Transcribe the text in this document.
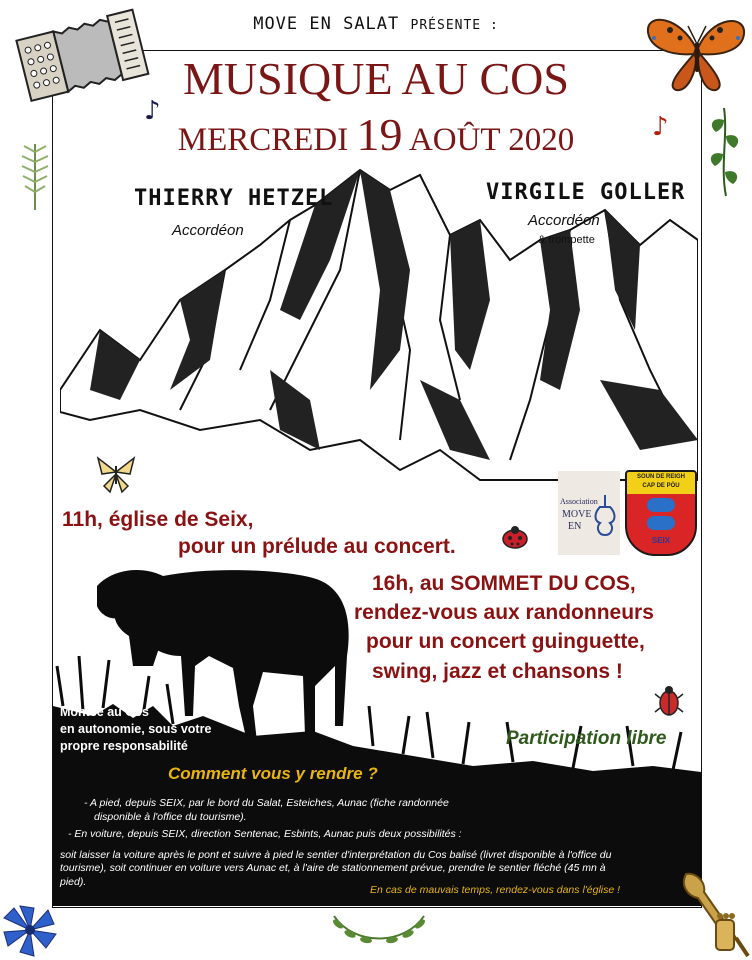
♪
♪
MOVE EN SALAT PRÉSENTE :
MUSIQUE AU COS
MERCREDI 19 AOÛT 2020
THIERRY HETZEL
Accordéon
VIRGILE GOLLER
Accordéon
& trompette
Association
MOVE
EN
SOUN DE REIGH
CAP DE PÒU
SEIX
11h, église de Seix,
pour un prélude au concert.
16h, au SOMMET DU COS,
rendez-vous aux randonneurs
pour un concert guinguette,
swing, jazz et chansons !
Montée au Cos
en autonomie, sous votre
propre responsabilité	Participation libre
Comment vous y rendre ?
- A pied, depuis SEIX, par le bord du Salat, Esteiches, Aunac (fiche randonnée
disponible à l'office du tourisme).
- En voiture, depuis SEIX, direction Sentenac, Esbints, Aunac puis deux possibilités :
soit laisser la voiture après le pont et suivre à pied le sentier d'interprétation du Cos balisé (livret disponible à l'office du
tourisme), soit continuer en voiture vers Aunac et, à l'aire de stationnement prévue, prendre le sentier fléché (45 mn à
pied).
En cas de mauvais temps, rendez-vous dans l'église !
